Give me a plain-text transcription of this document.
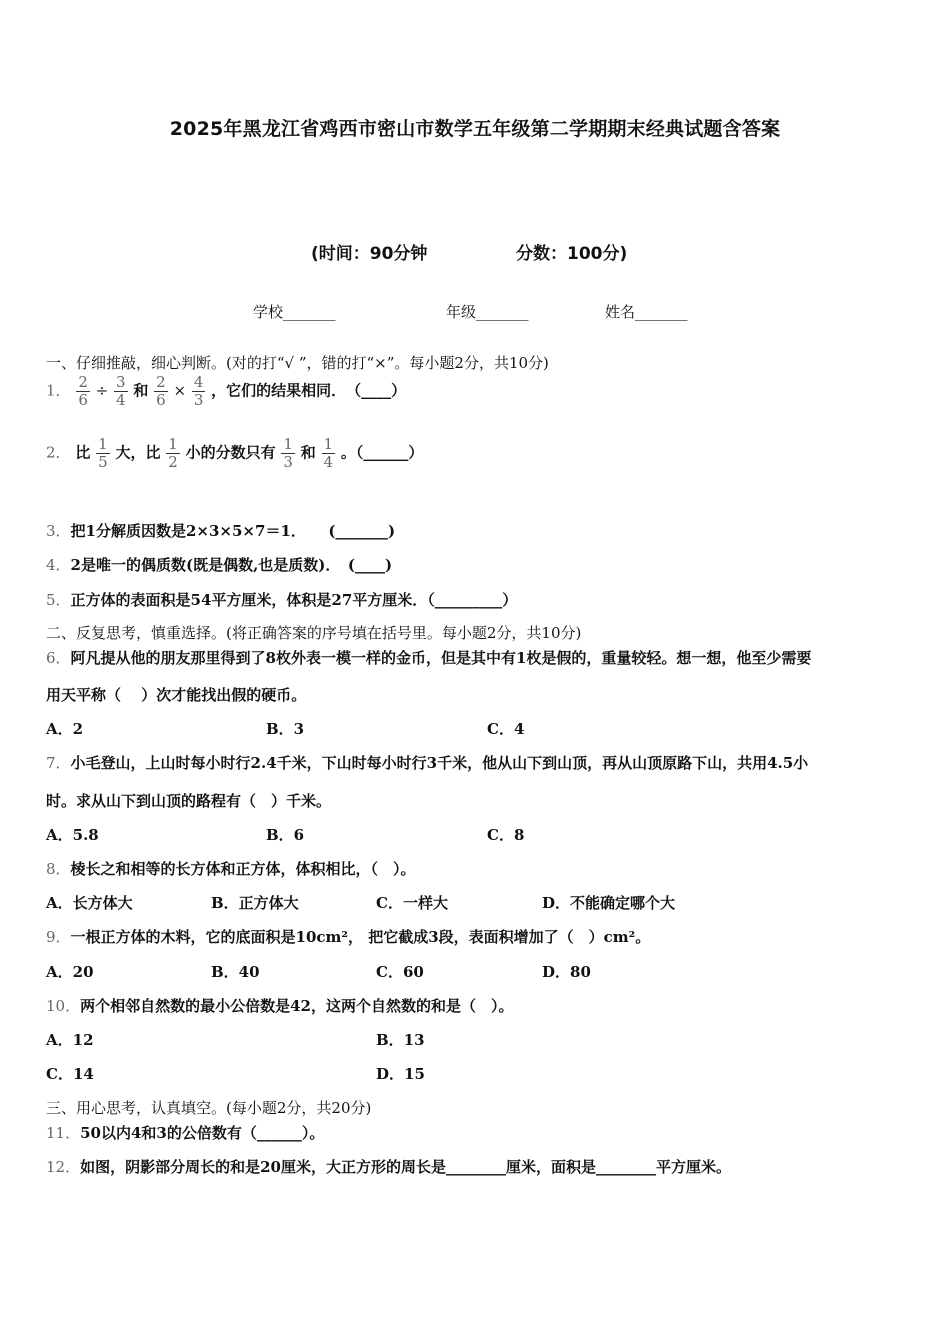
2025年黑龙江省鸡西市密山市数学五年级第二学期期末经典试题含答案
(时间：90分钟	分数：100分)
学校_______	年级_______	姓名_______
一、仔细推敲，细心判断。(对的打“√ ”，错的打“×”。每小题2分，共10分)
1． $\frac{2}{6} \div \frac{3}{4}$ 和 $\frac{2}{6} \times \frac{4}{3}$ ，它们的结果相同．　（____）
2． 比 $\frac{1}{5}$ 大，比 $\frac{1}{2}$ 小的分数只有 $\frac{1}{3}$ 和 $\frac{1}{4}$ 。（______）
3．把1分解质因数是2×3×5×7＝1．　　(_______)
4．2是唯一的偶质数(既是偶数,也是质数)．　(____)
5．正方体的表面积是54平方厘米，体积是27平方厘米．（_________）
二、反复思考，慎重选择。(将正确答案的序号填在括号里。每小题2分，共10分)
6．阿凡提从他的朋友那里得到了8枚外表一模一样的金币，但是其中有1枚是假的，重量较轻。想一想，他至少需要
用天平称（　 ）次才能找出假的硬币。
A．2	B．3	C．4
7．小毛登山，上山时每小时行2.4千米，下山时每小时行3千米，他从山下到山顶，再从山顶原路下山，共用4.5小
时。求从山下到山顶的路程有（　）千米。
A．5.8	B．6	C．8
8．棱长之和相等的长方体和正方体，体积相比，（　）。
A．长方体大	B．正方体大	C．一样大	D．不能确定哪个大
9．一根正方体的木料，它的底面积是10cm²， 把它截成3段，表面积增加了（　）cm²。
A．20	B．40	C．60	D．80
10．两个相邻自然数的最小公倍数是42，这两个自然数的和是（　）。
A．12	B．13
C．14	D．15
三、用心思考，认真填空。(每小题2分，共20分)
11．50以内4和3的公倍数有（______）。
12．如图，阴影部分周长的和是20厘米，大正方形的周长是________厘米，面积是________平方厘米。
